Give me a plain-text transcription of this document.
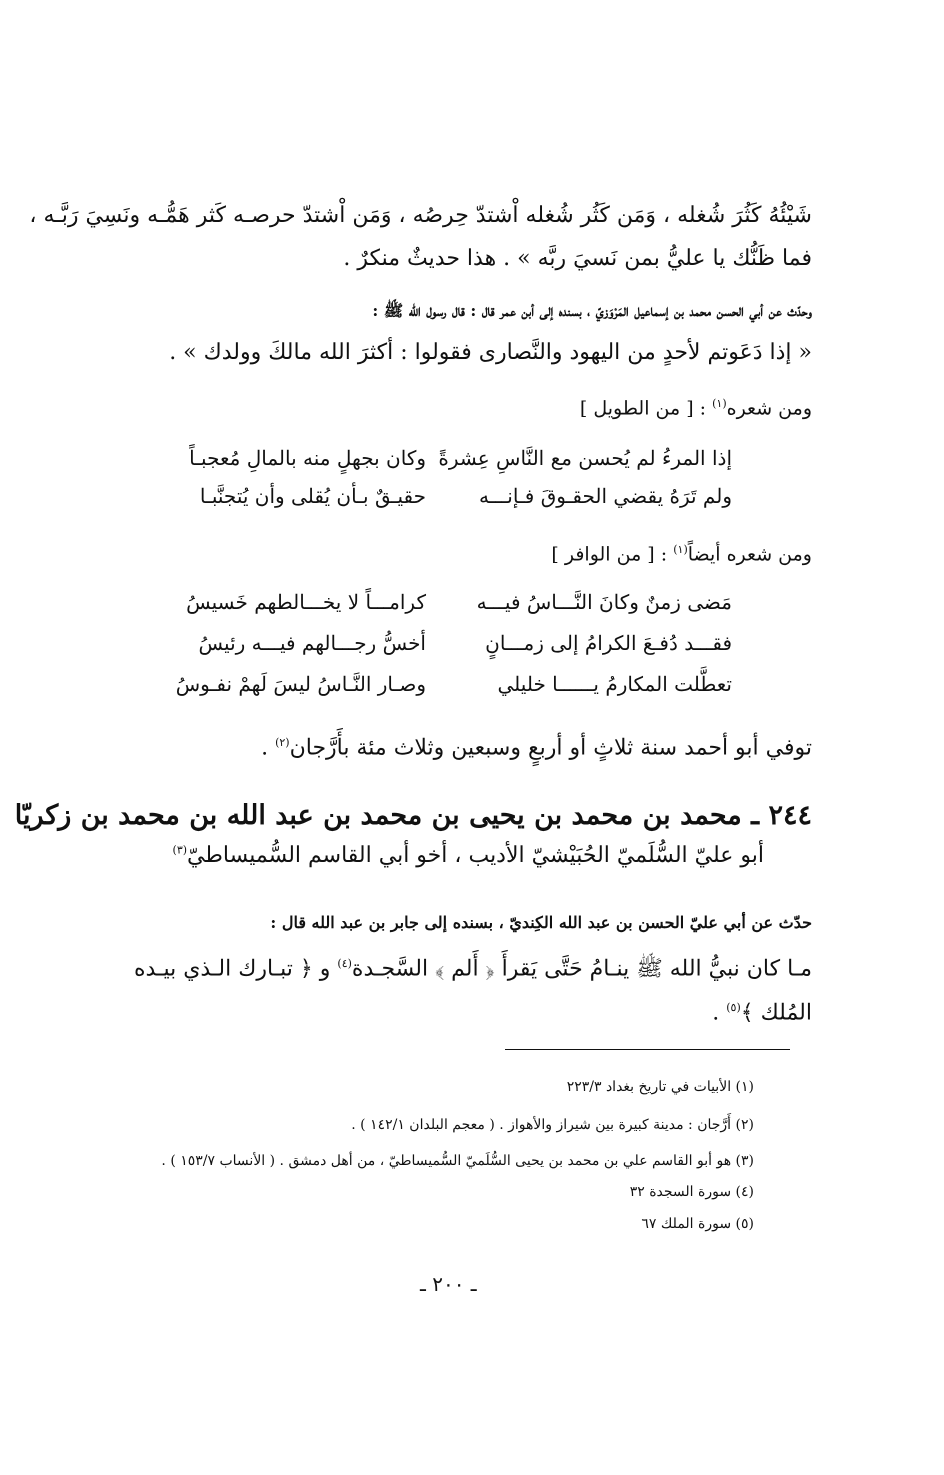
شَيْئُهُ كَثُرَ شُغله ، وَمَن كَثُر شُغله اْشتدّ حِرصُه ، وَمَن اْشتدّ حرصـه كَثر هَمُّـه ونَسِيَ رَبَّـه ،
فما ظَنُّك يا عليُّ بمن نَسيَ ربَّه » . هذا حديثٌ منكرٌ .
وحدّث عن أبي الحسن محمد بن إسماعيل المَرْوَزيّ ، بسنده إلى أبن عمر قال : قال رسول الله ﷺ :
« إذا دَعَوتم لأحدٍ من اليهود والنَّصارى فقولوا : أكثرَ الله مالكَ وولدك » .
ومن شعره$^{(١)}$ : [ من الطويل ]
إذا المرءُ لم يُحسن مع النَّاسِ عِشرةً
وكان بجهلٍ منه بالمالِ مُعجبـاً
ولم تَرَهُ يقضي الحقـوقَ فـإنـــه
حقيـقٌ بـأن يُقلى وأن يُتجنَّبـا
ومن شعره أيضاً$^{(١)}$ : [ من الوافر ]
مَضى زمنٌ وكانَ النَّـــاسُ فيـــه
كرامـــاً لا يخـــالطهم خَسيسُ
فقـــد دُفـعَ الكرامُ إلى زمـــانٍ
أخسُّ رجـــالهم فيـــه رئيسُ
تعطَّلت المكارمُ يــــــا خليلي
وصـار النَّـاسُ ليسَ لَهمْ نفـوسُ
توفي أبو أحمد سنة ثلاثٍ أو أربعٍ وسبعين وثلاث مئة بأَرَّجان$^{(٢)}$ .
٢٤٤ ـ محمد بن محمد بن يحيى بن محمد بن عبد الله بن محمد بن زكريّا
أبو عليّ السُّلَميّ الحُبَيْشيّ الأديب ، أخو أبي القاسم السُّميساطيّ$^{(٣)}$
حدّث عن أبي عليّ الحسن بن عبد الله الكِنديّ ، بسنده إلى جابر بن عبد الله قال :
مـا كان نبيُّ الله ﷺ ينـامُ حَتَّى يَقرأَ ﴿ أَلم ﴾ السَّجـدة$^{(٤)}$ و ﴿ تبـارك الـذي بيـده
المُلك ﴾$^{(٥)}$ .
(١) الأبيات في تاريخ بغداد ٢٢٣/٣
(٢) أَرَّجان : مدينة كبيرة بين شيراز والأهواز . ( معجم البلدان ١٤٢/١ ) .
(٣) هو أبو القاسم علي بن محمد بن يحيى السُّلَميّ السُّميساطيّ ، من أهل دمشق . ( الأنساب ١٥٣/٧ ) .
(٤) سورة السجدة ٣٢
(٥) سورة الملك ٦٧
ـ ٢٠٠ ـ
